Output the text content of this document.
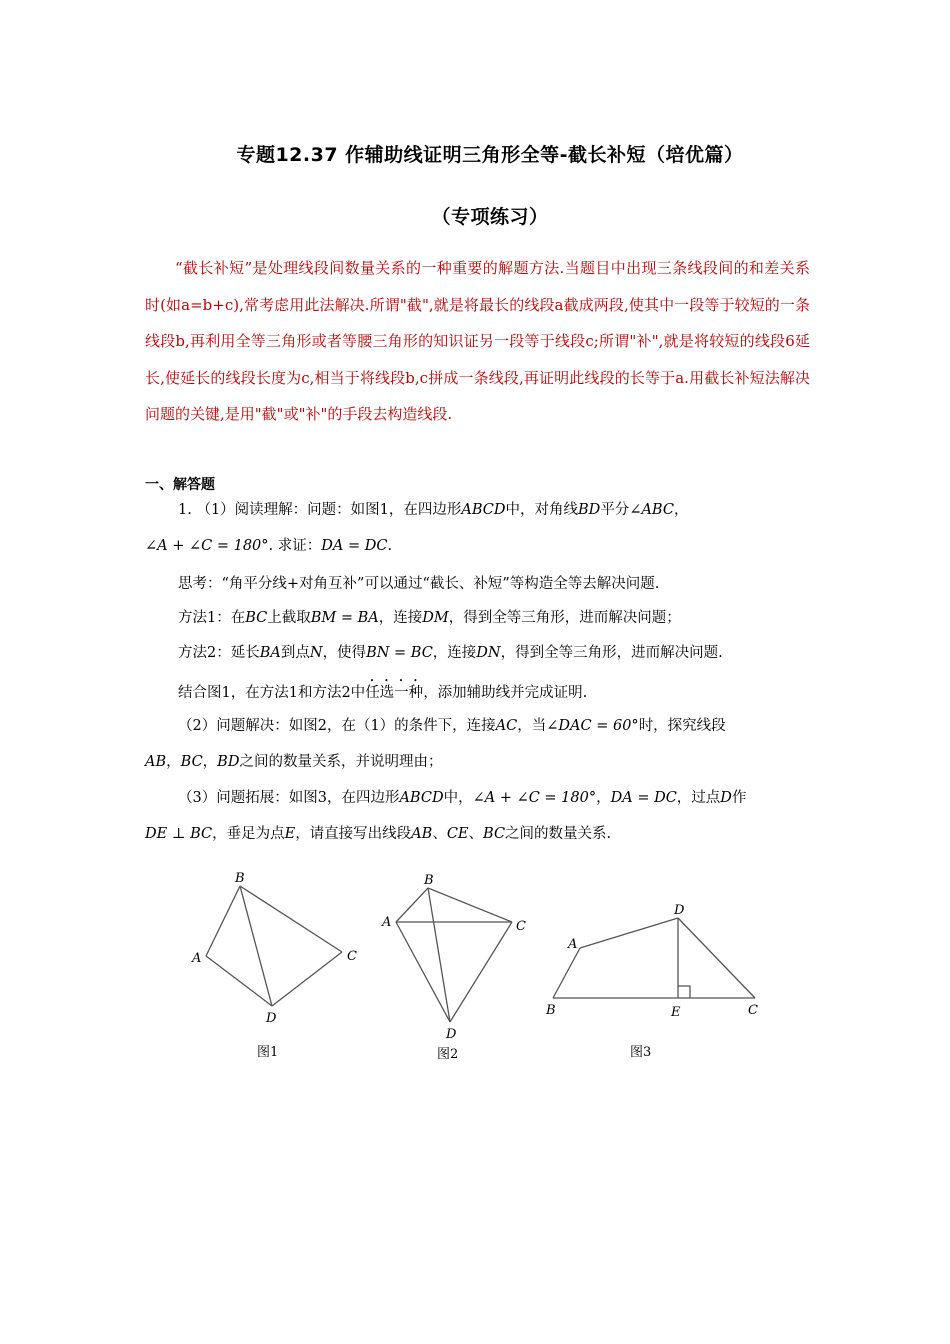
专题12.37 作辅助线证明三角形全等-截长补短（培优篇）
（专项练习）
“截长补短”是处理线段间数量关系的一种重要的解题方法.当题目中出现三条线段间的和差关系时(如a=b+c),常考虑用此法解决.所谓"截",就是将最长的线段a截成两段,使其中一段等于较短的一条线段b,再利用全等三角形或者等腰三角形的知识证另一段等于线段c;所谓"补",就是将较短的线段6延长,使延长的线段长度为c,相当于将线段b,c拼成一条线段,再证明此线段的长等于a.用截长补短法解决问题的关键,是用"截"或"补"的手段去构造线段.
一、解答题
1. （1）阅读理解：问题：如图1，在四边形ABCD中，对角线BD平分∠ABC，
∠A + ∠C = 180°. 求证：DA = DC.
思考：“角平分线+对角互补”可以通过“截长、补短”等构造全等去解决问题.
方法1：在BC上截取BM = BA，连接DM，得到全等三角形，进而解决问题；
方法2：延长BA到点N，使得BN = BC，连接DN，得到全等三角形，进而解决问题.
结合图1，在方法1和方法2中任选一种，添加辅助线并完成证明.
（2）问题解决：如图2，在（1）的条件下，连接AC，当∠DAC = 60°时，探究线段
AB，BC，BD之间的数量关系，并说明理由；
（3）问题拓展：如图3，在四边形ABCD中，∠A + ∠C = 180°，DA = DC，过点D作
DE ⊥ BC，垂足为点E，请直接写出线段AB、CE、BC之间的数量关系.
B
A	C
D
图1
B
A	C
D
图2
D
A
B	E	C
图3
